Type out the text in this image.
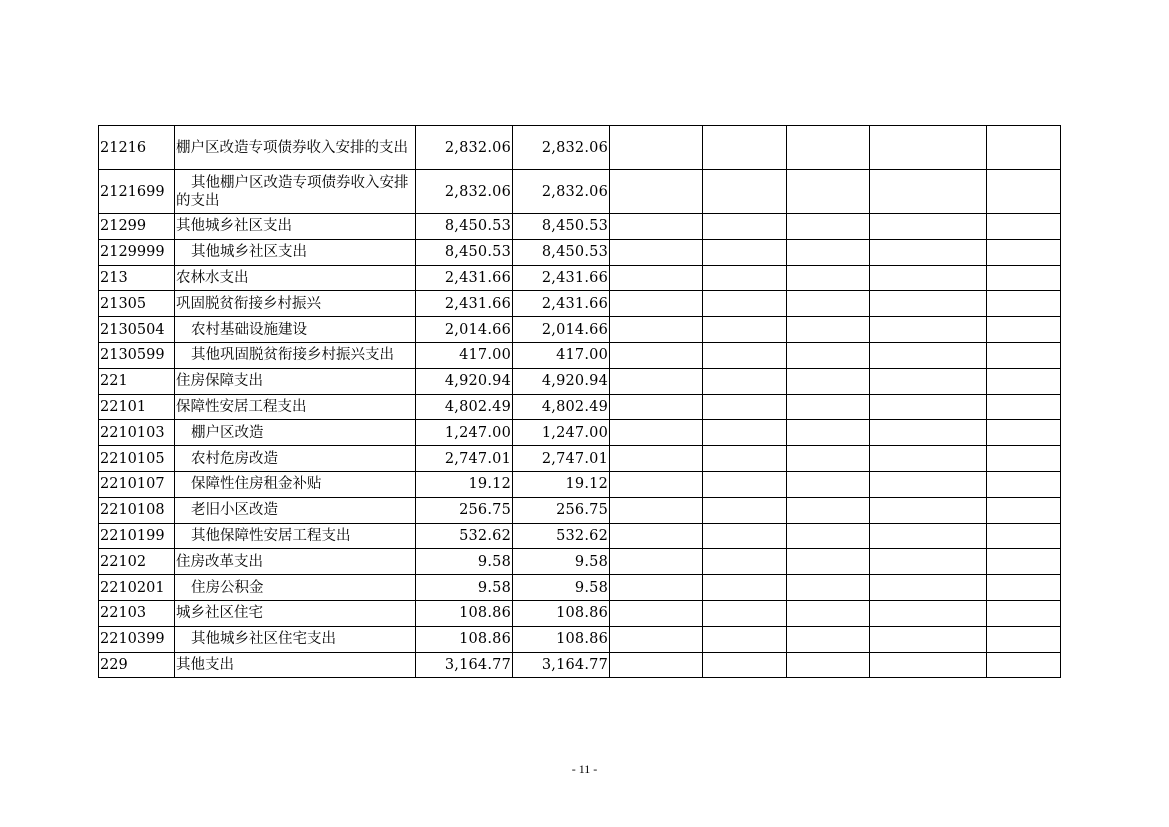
21216	棚户区改造专项债券收入安排的支出	2,832.06	2,832.06					
2121699	其他棚户区改造专项债券收入安排的支出	2,832.06	2,832.06					
21299	其他城乡社区支出	8,450.53	8,450.53					
2129999	其他城乡社区支出	8,450.53	8,450.53					
213	农林水支出	2,431.66	2,431.66					
21305	巩固脱贫衔接乡村振兴	2,431.66	2,431.66					
2130504	农村基础设施建设	2,014.66	2,014.66					
2130599	其他巩固脱贫衔接乡村振兴支出	417.00	417.00					
221	住房保障支出	4,920.94	4,920.94					
22101	保障性安居工程支出	4,802.49	4,802.49					
2210103	棚户区改造	1,247.00	1,247.00					
2210105	农村危房改造	2,747.01	2,747.01					
2210107	保障性住房租金补贴	19.12	19.12					
2210108	老旧小区改造	256.75	256.75					
2210199	其他保障性安居工程支出	532.62	532.62					
22102	住房改革支出	9.58	9.58					
2210201	住房公积金	9.58	9.58					
22103	城乡社区住宅	108.86	108.86					
2210399	其他城乡社区住宅支出	108.86	108.86					
229	其他支出	3,164.77	3,164.77					
- 11 -
